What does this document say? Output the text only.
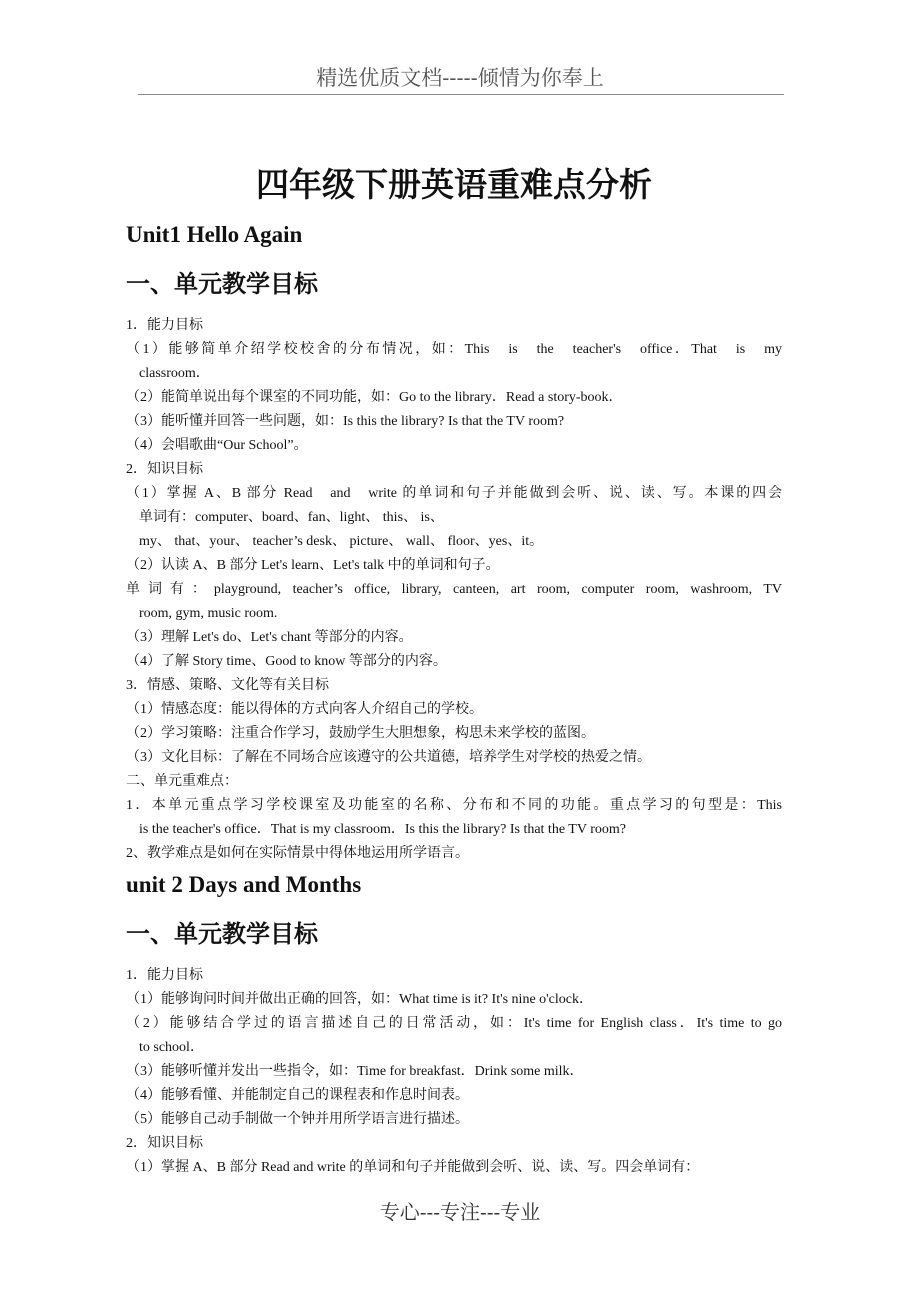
精选优质文档-----倾情为你奉上
四年级下册英语重难点分析
Unit1 Hello Again
一、单元教学目标

1．能力目标

（1）能够简单介绍学校校舍的分布情况，如：This　is　the　teacher's　office．That　is　my

classroom．

（2）能简单说出每个课室的不同功能，如：Go to the library．Read a story-book．

（3）能听懂并回答一些问题，如：Is this the library? Is that the TV room?

（4）会唱歌曲“Our School”。

2．知识目标

（1）掌握 A、B 部分 Read　and　write 的单词和句子并能做到会听、说、读、写。本课的四会

单词有：computer、board、fan、light、 this、 is、

my、 that、your、 teacher’s desk、 picture、 wall、 floor、yes、it。

（2）认读 A、B 部分 Let's learn、Let's talk 中的单词和句子。

单词有：playground, teacher’s office, library, canteen, art room, computer room, washroom, TV

room, gym, music room.

（3）理解 Let's do、Let's chant 等部分的内容。

（4）了解 Story time、Good to know 等部分的内容。

3．情感、策略、文化等有关目标

（1）情感态度：能以得体的方式向客人介绍自己的学校。

（2）学习策略：注重合作学习，鼓励学生大胆想象，构思未来学校的蓝图。

（3）文化目标：了解在不同场合应该遵守的公共道德，培养学生对学校的热爱之情。

二、单元重难点：

1．本单元重点学习学校课室及功能室的名称、分布和不同的功能。重点学习的句型是：This

is the teacher's office．That is my classroom．Is this the library? Is that the TV room?

2、教学难点是如何在实际情景中得体地运用所学语言。

unit 2 Days and Months
一、单元教学目标

1．能力目标

（1）能够询问时间并做出正确的回答，如：What time is it? It's nine o'clock．

（2）能够结合学过的语言描述自己的日常活动，如：It's time for English class．It's time to go

to school．

（3）能够听懂并发出一些指令，如：Time for breakfast．Drink some milk．

（4）能够看懂、并能制定自己的课程表和作息时间表。

（5）能够自己动手制做一个钟并用所学语言进行描述。

2．知识目标

（1）掌握 A、B 部分 Read and write 的单词和句子并能做到会听、说、读、写。四会单词有：

专心---专注---专业
